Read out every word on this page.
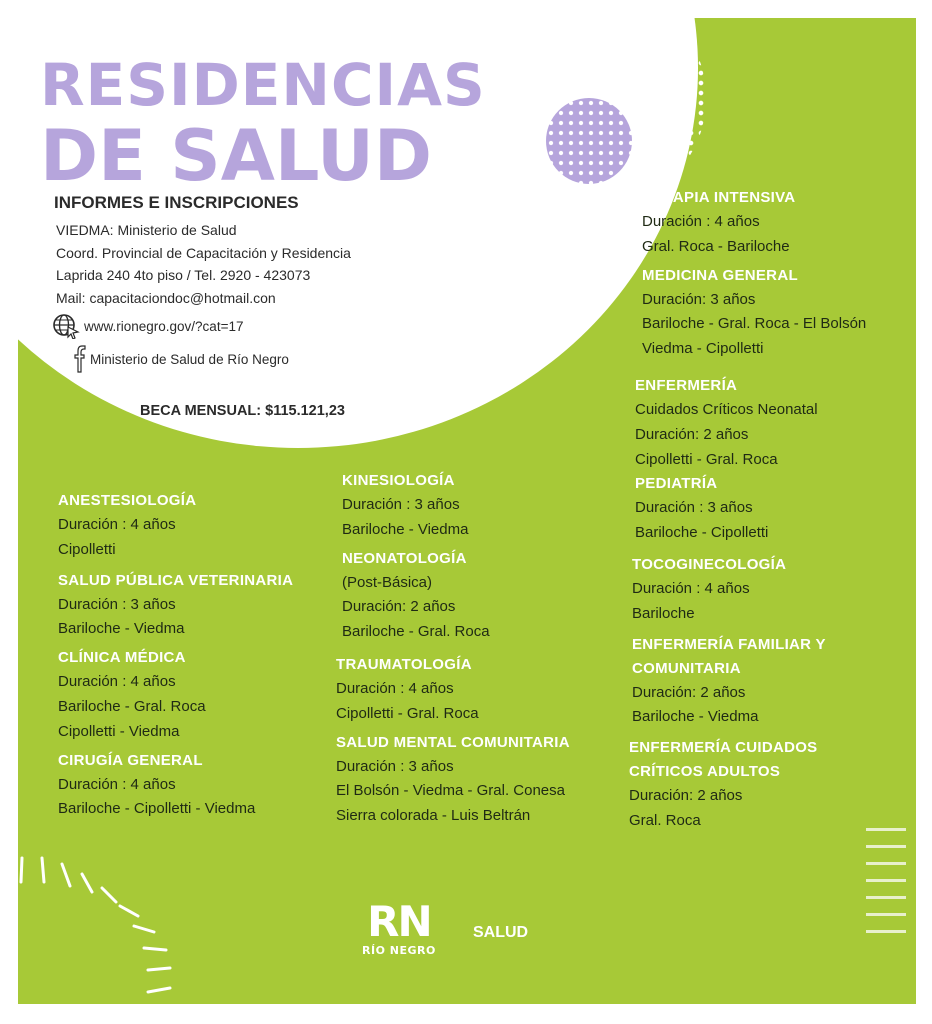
RESIDENCIAS
DE SALUD
INFORMES E INSCRIPCIONES
VIEDMA: Ministerio de Salud
Coord. Provincial de Capacitación y Residencia
Laprida 240 4to piso / Tel. 2920 - 423073
Mail: capacitaciondoc@hotmail.con
www.rionegro.gov/?cat=17
Ministerio de Salud de Río Negro
BECA MENSUAL: $115.121,23
ANESTESIOLOGÍA
Duración : 4 años
Cipolletti
SALUD PÚBLICA VETERINARIA
Duración : 3 años
Bariloche - Viedma
CLÍNICA MÉDICA
Duración : 4 años
Bariloche - Gral. Roca
Cipolletti - Viedma
CIRUGÍA GENERAL
Duración : 4 años
Bariloche - Cipolletti - Viedma
KINESIOLOGÍA
Duración : 3 años
Bariloche - Viedma
NEONATOLOGÍA
(Post-Básica)
Duración: 2 años
Bariloche - Gral. Roca
TRAUMATOLOGÍA
Duración : 4 años
Cipolletti - Gral. Roca
SALUD MENTAL COMUNITARIA
Duración : 3 años
El Bolsón - Viedma - Gral. Conesa
Sierra colorada - Luis Beltrán
TERAPIA INTENSIVA
Duración : 4 años
Gral. Roca - Bariloche
MEDICINA GENERAL
Duración: 3 años
Bariloche - Gral. Roca - El Bolsón
Viedma - Cipolletti
ENFERMERÍA
Cuidados Críticos Neonatal
Duración: 2 años
Cipolletti - Gral. Roca
PEDIATRÍA
Duración : 3 años
Bariloche - Cipolletti
TOCOGINECOLOGÍA
Duración : 4 años
Bariloche
ENFERMERÍA FAMILIAR Y COMUNITARIA
Duración: 2 años
Bariloche - Viedma
ENFERMERÍA CUIDADOS CRÍTICOS ADULTOS
Duración: 2 años
Gral. Roca
RN
RÍO NEGRO
SALUD
